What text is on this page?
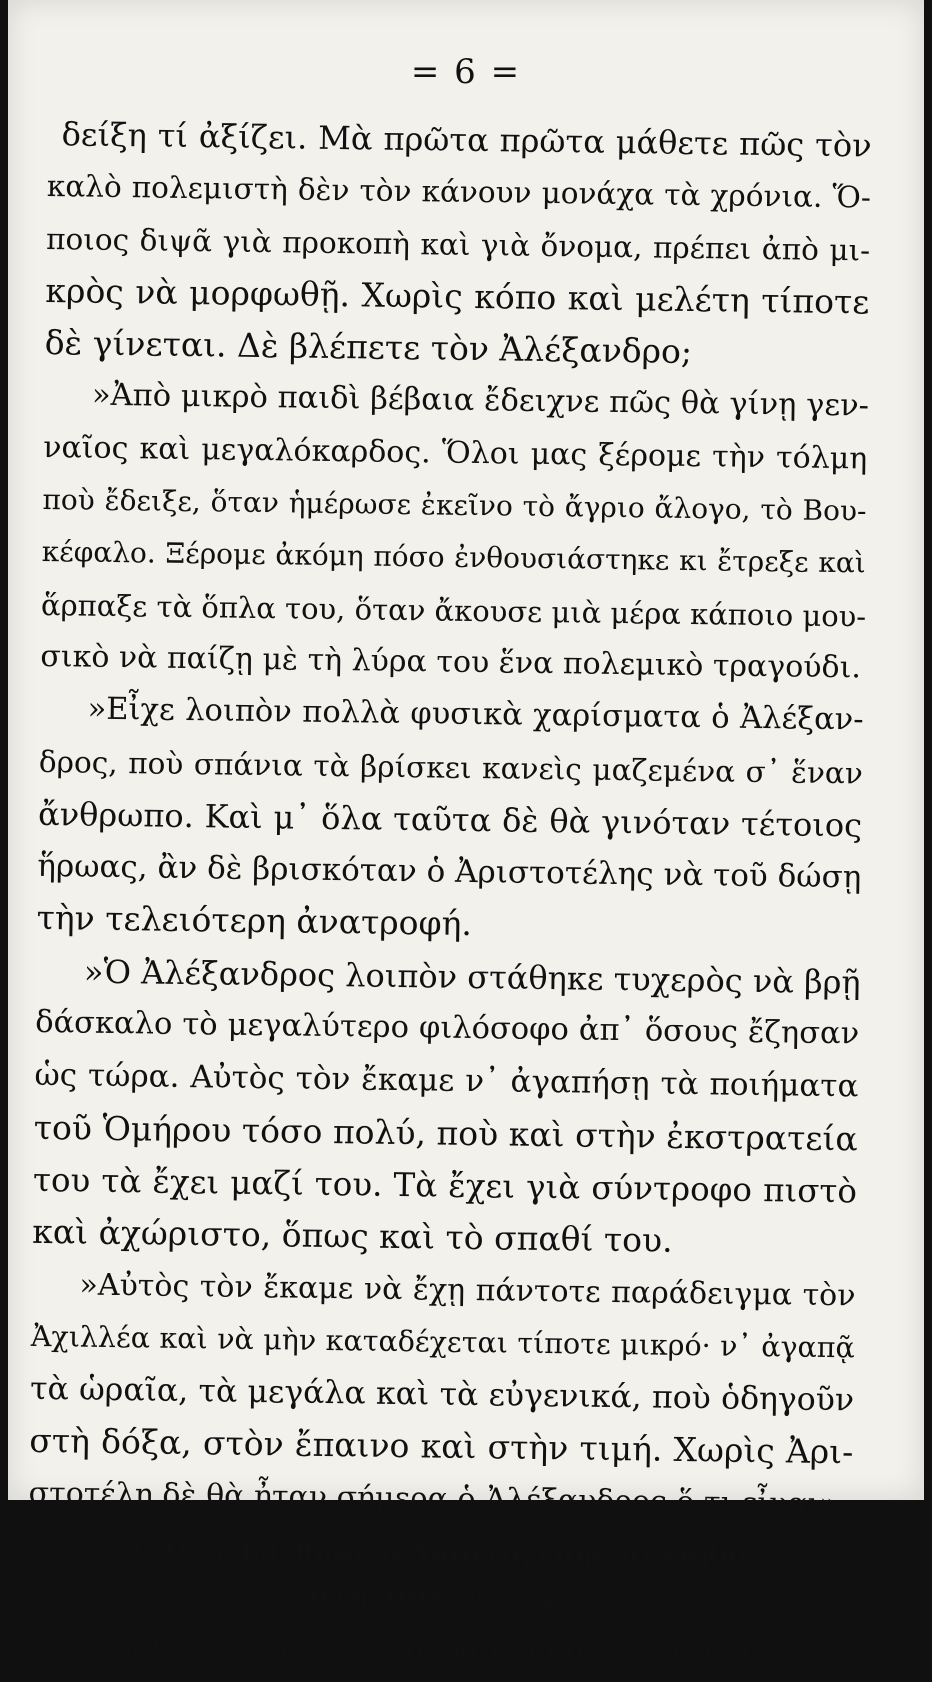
= 6 =
δείξη τί ἀξίζει. Μὰ πρῶτα πρῶτα μάθετε πῶς τὸν
καλὸ πολεμιστὴ δὲν τὸν κάνουν μονάχα τὰ χρόνια. Ὅ-
ποιος διψᾶ γιὰ προκοπὴ καὶ γιὰ ὄνομα, πρέπει ἀπὸ μι-
κρὸς νὰ μορφωθῇ. Χωρὶς κόπο καὶ μελέτη τίποτε
δὲ γίνεται. Δὲ βλέπετε τὸν Ἀλέξανδρο;
»Ἀπὸ μικρὸ παιδὶ βέβαια ἔδειχνε πῶς θὰ γίνῃ γεν-
ναῖος καὶ μεγαλόκαρδος. Ὅλοι μας ξέρομε τὴν τόλμη
ποὺ ἔδειξε, ὅταν ἡμέρωσε ἐκεῖνο τὸ ἄγριο ἄλογο, τὸ Βου-
κέφαλο. Ξέρομε ἀκόμη πόσο ἐνθουσιάστηκε κι ἔτρεξε καὶ
ἅρπαξε τὰ ὅπλα του, ὅταν ἄκουσε μιὰ μέρα κάποιο μου-
σικὸ νὰ παίζῃ μὲ τὴ λύρα του ἕνα πολεμικὸ τραγούδι.
»Εἶχε λοιπὸν πολλὰ φυσικὰ χαρίσματα ὁ Ἀλέξαν-
δρος, ποὺ σπάνια τὰ βρίσκει κανεὶς μαζεμένα σ᾽ ἕναν
ἄνθρωπο. Καὶ μ᾽ ὅλα ταῦτα δὲ θὰ γινόταν τέτοιος
ἥρωας, ἂν δὲ βρισκόταν ὁ Ἀριστοτέλης νὰ τοῦ δώσῃ
τὴν τελειότερη ἀνατροφή.
»Ὁ Ἀλέξανδρος λοιπὸν στάθηκε τυχερὸς νὰ βρῇ
δάσκαλο τὸ μεγαλύτερο φιλόσοφο ἀπ᾽ ὅσους ἔζησαν
ὡς τώρα. Αὐτὸς τὸν ἔκαμε ν᾽ ἀγαπήσῃ τὰ ποιήματα
τοῦ Ὁμήρου τόσο πολύ, ποὺ καὶ στὴν ἐκστρατεία
του τὰ ἔχει μαζί του. Τὰ ἔχει γιὰ σύντροφο πιστὸ
καὶ ἀχώριστο, ὅπως καὶ τὸ σπαθί του.
»Αὐτὸς τὸν ἔκαμε νὰ ἔχῃ πάντοτε παράδειγμα τὸν
Ἀχιλλέα καὶ νὰ μὴν καταδέχεται τίποτε μικρό· ν᾽ ἀγαπᾷ
τὰ ὡραῖα, τὰ μεγάλα καὶ τὰ εὐγενικά, ποὺ ὁδηγοῦν
στὴ δόξα, στὸν ἔπαινο καὶ στὴν τιμή. Χωρὶς Ἀρι-
στοτέλη δὲ θὰ ἦταν σήμερα ὁ Ἀλέξανδρος ὅ,τι εἶναι».
3. Πῶς βρέθηκε ὁ Ἀριστογένης σκλάβος
στὴ Μακεδονία.
Ὁ Ἀριστογένης εἶχε κουραστῇ πολὺ καὶ μὲ μεγάλο
